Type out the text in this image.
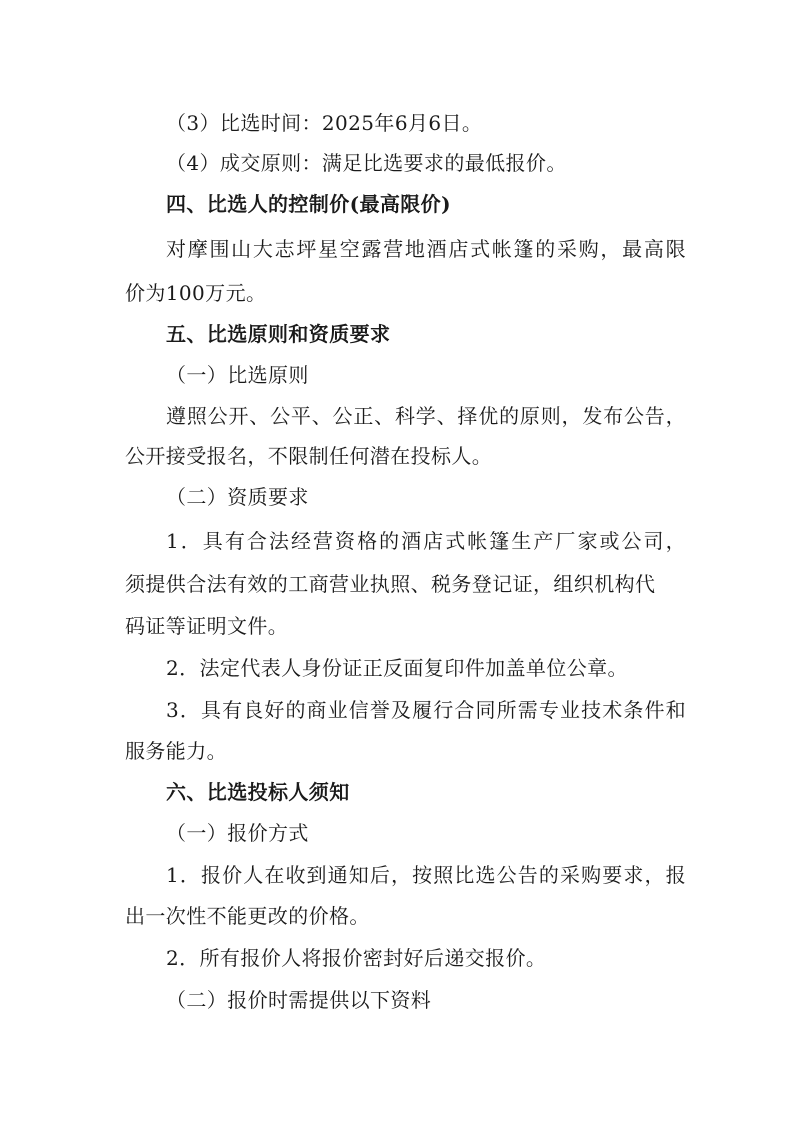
（3）比选时间：2025年6月6日。
（4）成交原则：满足比选要求的最低报价。
四、比选人的控制价(最高限价)
对摩围山大志坪星空露营地酒店式帐篷的采购，最高限
价为100万元。
五、比选原则和资质要求
（一）比选原则
遵照公开、公平、公正、科学、择优的原则，发布公告，
公开接受报名，不限制任何潜在投标人。
（二）资质要求
1．具有合法经营资格的酒店式帐篷生产厂家或公司，
须提供合法有效的工商营业执照、税务登记证，组织机构代
码证等证明文件。
2．法定代表人身份证正反面复印件加盖单位公章。
3．具有良好的商业信誉及履行合同所需专业技术条件和
服务能力。
六、比选投标人须知
（一）报价方式
1．报价人在收到通知后，按照比选公告的采购要求，报
出一次性不能更改的价格。
2．所有报价人将报价密封好后递交报价。
（二）报价时需提供以下资料
